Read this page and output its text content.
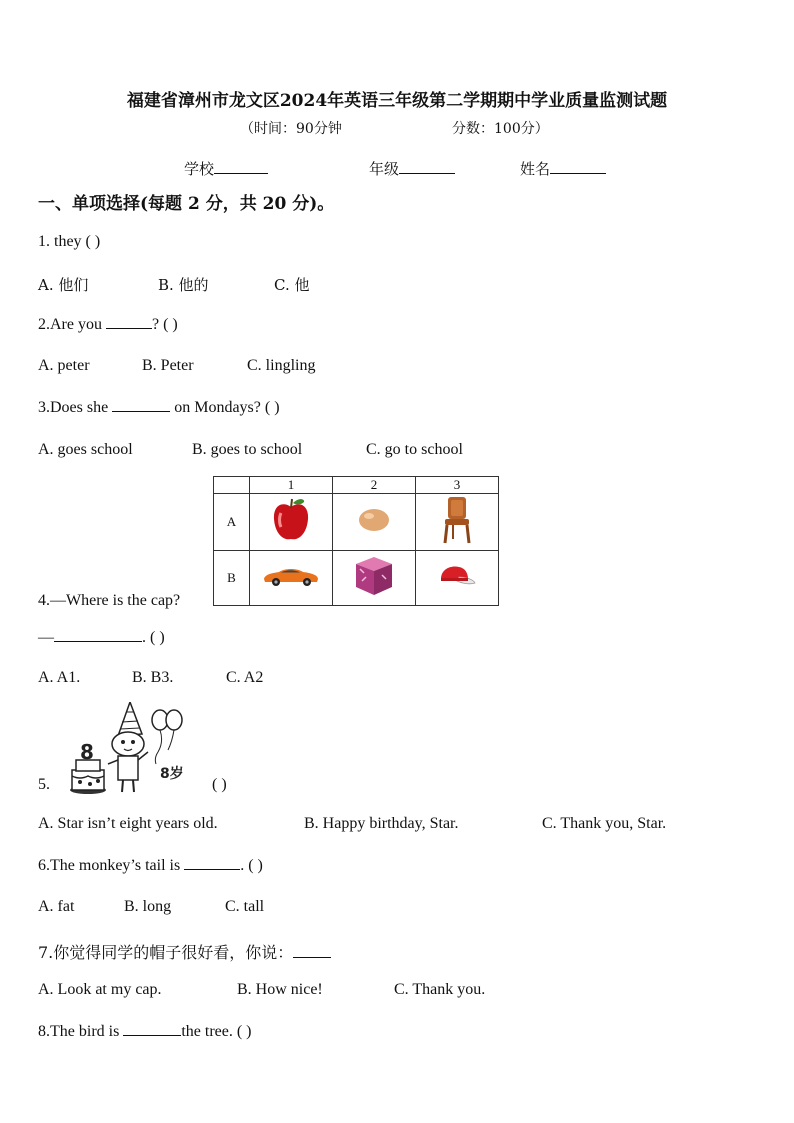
福建省漳州市龙文区2024年英语三年级第二学期期中学业质量监测试题
（时间：90分钟	分数：100分）
学校	年级	姓名
一、单项选择(每题 2 分，共 20 分)。
1. they ( )
A. 他们	B. 他的	C. 他
2.Are you	? ( )
A. peter	B. Peter	C. lingling
3.Does she	on Mondays? ( )
A. goes school	B. goes to school	C. go to school
	1	2	3
A			
B			
4.—Where is the cap?
—	. ( )
A. A1.	B. B3.	C. A2
8
8岁
5.	( )
A. Star isn’t eight years old.	B. Happy birthday, Star.	C. Thank you, Star.
6.The monkey’s tail is	. ( )
A. fat	B. long	C. tall
7.你觉得同学的帽子很好看，你说：
A. Look at my cap.	B. How nice!	C. Thank you.
8.The bird is	the tree. ( )
